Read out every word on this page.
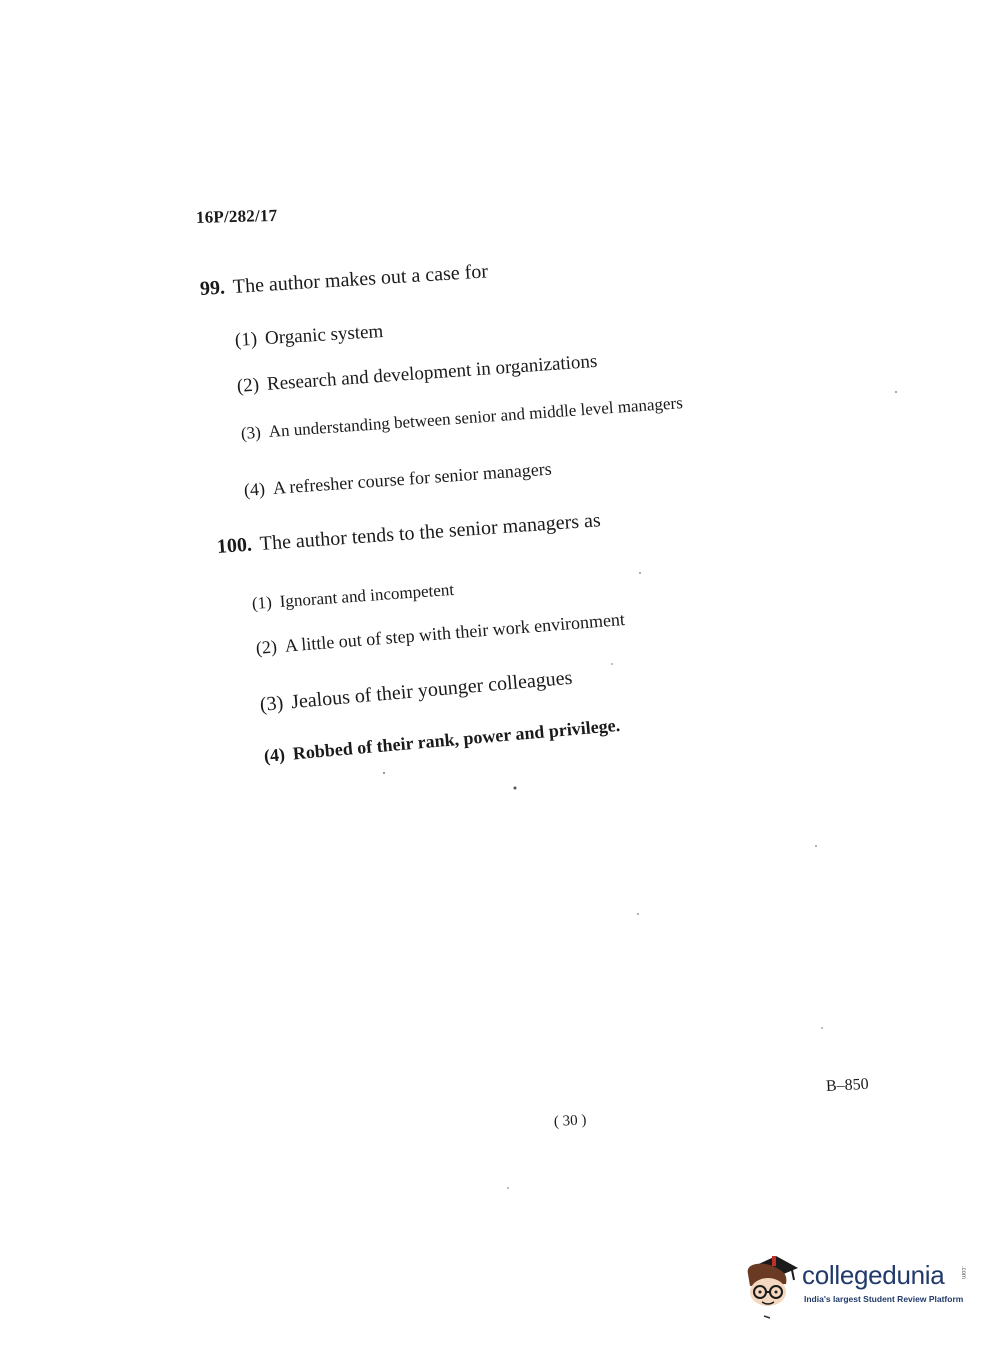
16P/282/17
99. The author makes out a case for
(1) Organic system
(2) Research and development in organizations
(3) An understanding between senior and middle level managers
(4) A refresher course for senior managers
100. The author tends to the senior managers as
(1) Ignorant and incompetent
(2) A little out of step with their work environment
(3) Jealous of their younger colleagues
(4) Robbed of their rank, power and privilege.
B–850
( 30 )
collegedunia	.com
India's largest Student Review Platform
